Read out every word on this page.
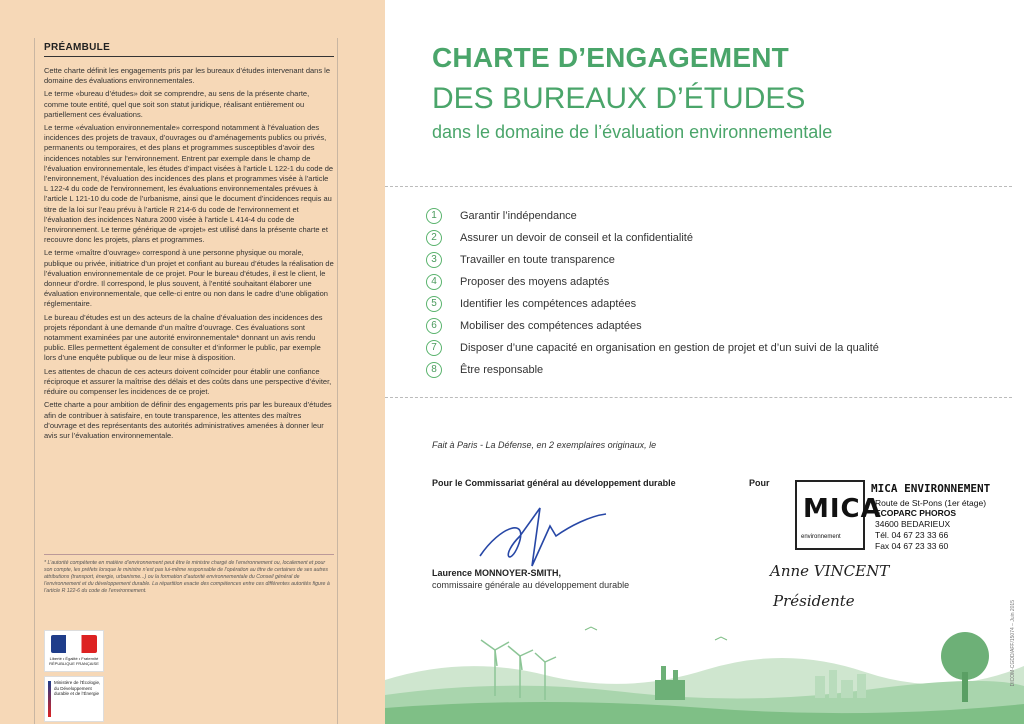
PRÉAMBULE

Cette charte définit les engagements pris par les bureaux d’études intervenant dans le domaine des évaluations environnementales.

Le terme «bureau d’études» doit se comprendre, au sens de la présente charte, comme toute entité, quel que soit son statut juridique, réalisant entièrement ou partiellement ces évaluations.

Le terme «évaluation environnementale» correspond notamment à l’évaluation des incidences des projets de travaux, d’ouvrages ou d’aménagements publics ou privés, permanents ou temporaires, et des plans et programmes susceptibles d’avoir des incidences notables sur l’environnement. Entrent par exemple dans le champ de l’évaluation environnementale, les études d’impact visées à l’article L 122-1 du code de l’environnement, l’évaluation des incidences des plans et programmes visée à l’article L 122-4 du code de l’environnement, les évaluations environnementales prévues à l’article L 121-10 du code de l’urbanisme, ainsi que le document d’incidences requis au titre de la loi sur l’eau prévu à l’article R 214-6 du code de l’environnement et l’évaluation des incidences Natura 2000 visée à l’article L 414-4 du code de l’environnement. Le terme générique de «projet» est utilisé dans la présente charte et recouvre donc les projets, plans et programmes.

Le terme «maître d’ouvrage» correspond à une personne physique ou morale, publique ou privée, initiatrice d’un projet et confiant au bureau d’études la réalisation de l’évaluation environnementale de ce projet. Pour le bureau d’études, il est le client, le donneur d’ordre. Il correspond, le plus souvent, à l’entité souhaitant élaborer une évaluation environnementale, que celle-ci entre ou non dans le cadre d’une obligation réglementaire.

Le bureau d’études est un des acteurs de la chaîne d’évaluation des incidences des projets répondant à une demande d’un maître d’ouvrage. Ces évaluations sont notamment examinées par une autorité environnementale* donnant un avis rendu public. Elles permettent également de consulter et d’informer le public, par exemple lors d’une enquête publique ou de leur mise à disposition.

Les attentes de chacun de ces acteurs doivent coïncider pour établir une confiance réciproque et assurer la maîtrise des délais et des coûts dans une perspective d’éviter, réduire ou compenser les incidences de ce projet.

Cette charte a pour ambition de définir des engagements pris par les bureaux d’études afin de contribuer à satisfaire, en toute transparence, les attentes des maîtres d’ouvrage et des représentants des autorités administratives amenées à donner leur avis sur l’évaluation environnementale.

* L’autorité compétente en matière d’environnement peut être le ministre chargé de l’environnement ou, localement et pour son compte, les préfets lorsque le ministre n’est pas lui-même responsable de l’opération au titre de certaines de ses autres attributions (transport, énergie, urbanisme...) ou la formation d’autorité environnementale du Conseil général de l’environnement et du développement durable. La répartition exacte des compétences entre ces différentes autorités figure à l’article R 122-6 du code de l’environnement.
Liberté • Égalité • Fraternité RÉPUBLIQUE FRANÇAISE
Ministère de l’Écologie, du Développement durable et de l’Énergie
CHARTE D’ENGAGEMENT
DES BUREAUX D’ÉTUDES
dans le domaine de l’évaluation environnementale
1	Garantir l’indépendance
2	Assurer un devoir de conseil et la confidentialité
3	Travailler en toute transparence
4	Proposer des moyens adaptés
5	Identifier les compétences adaptées
6	Mobiliser des compétences adaptées
7	Disposer d’une capacité en organisation en gestion de projet et d’un suivi de la qualité
8	Être responsable
Fait à Paris - La Défense, en 2 exemplaires originaux, le
Pour le Commissariat général au développement durable	Pour
Laurence MONNOYER-SMITH,
commissaire générale au développement durable
MICA
environnement
MICA ENVIRONNEMENT
Route de St-Pons (1er étage)
ECOPARC PHOROS
34600 BEDARIEUX
Tél. 04 67 23 33 66
Fax 04 67 23 33 60
Anne VINCENT
Présidente	DICOM-CGDD/AFF/15074 – Juin 2015
